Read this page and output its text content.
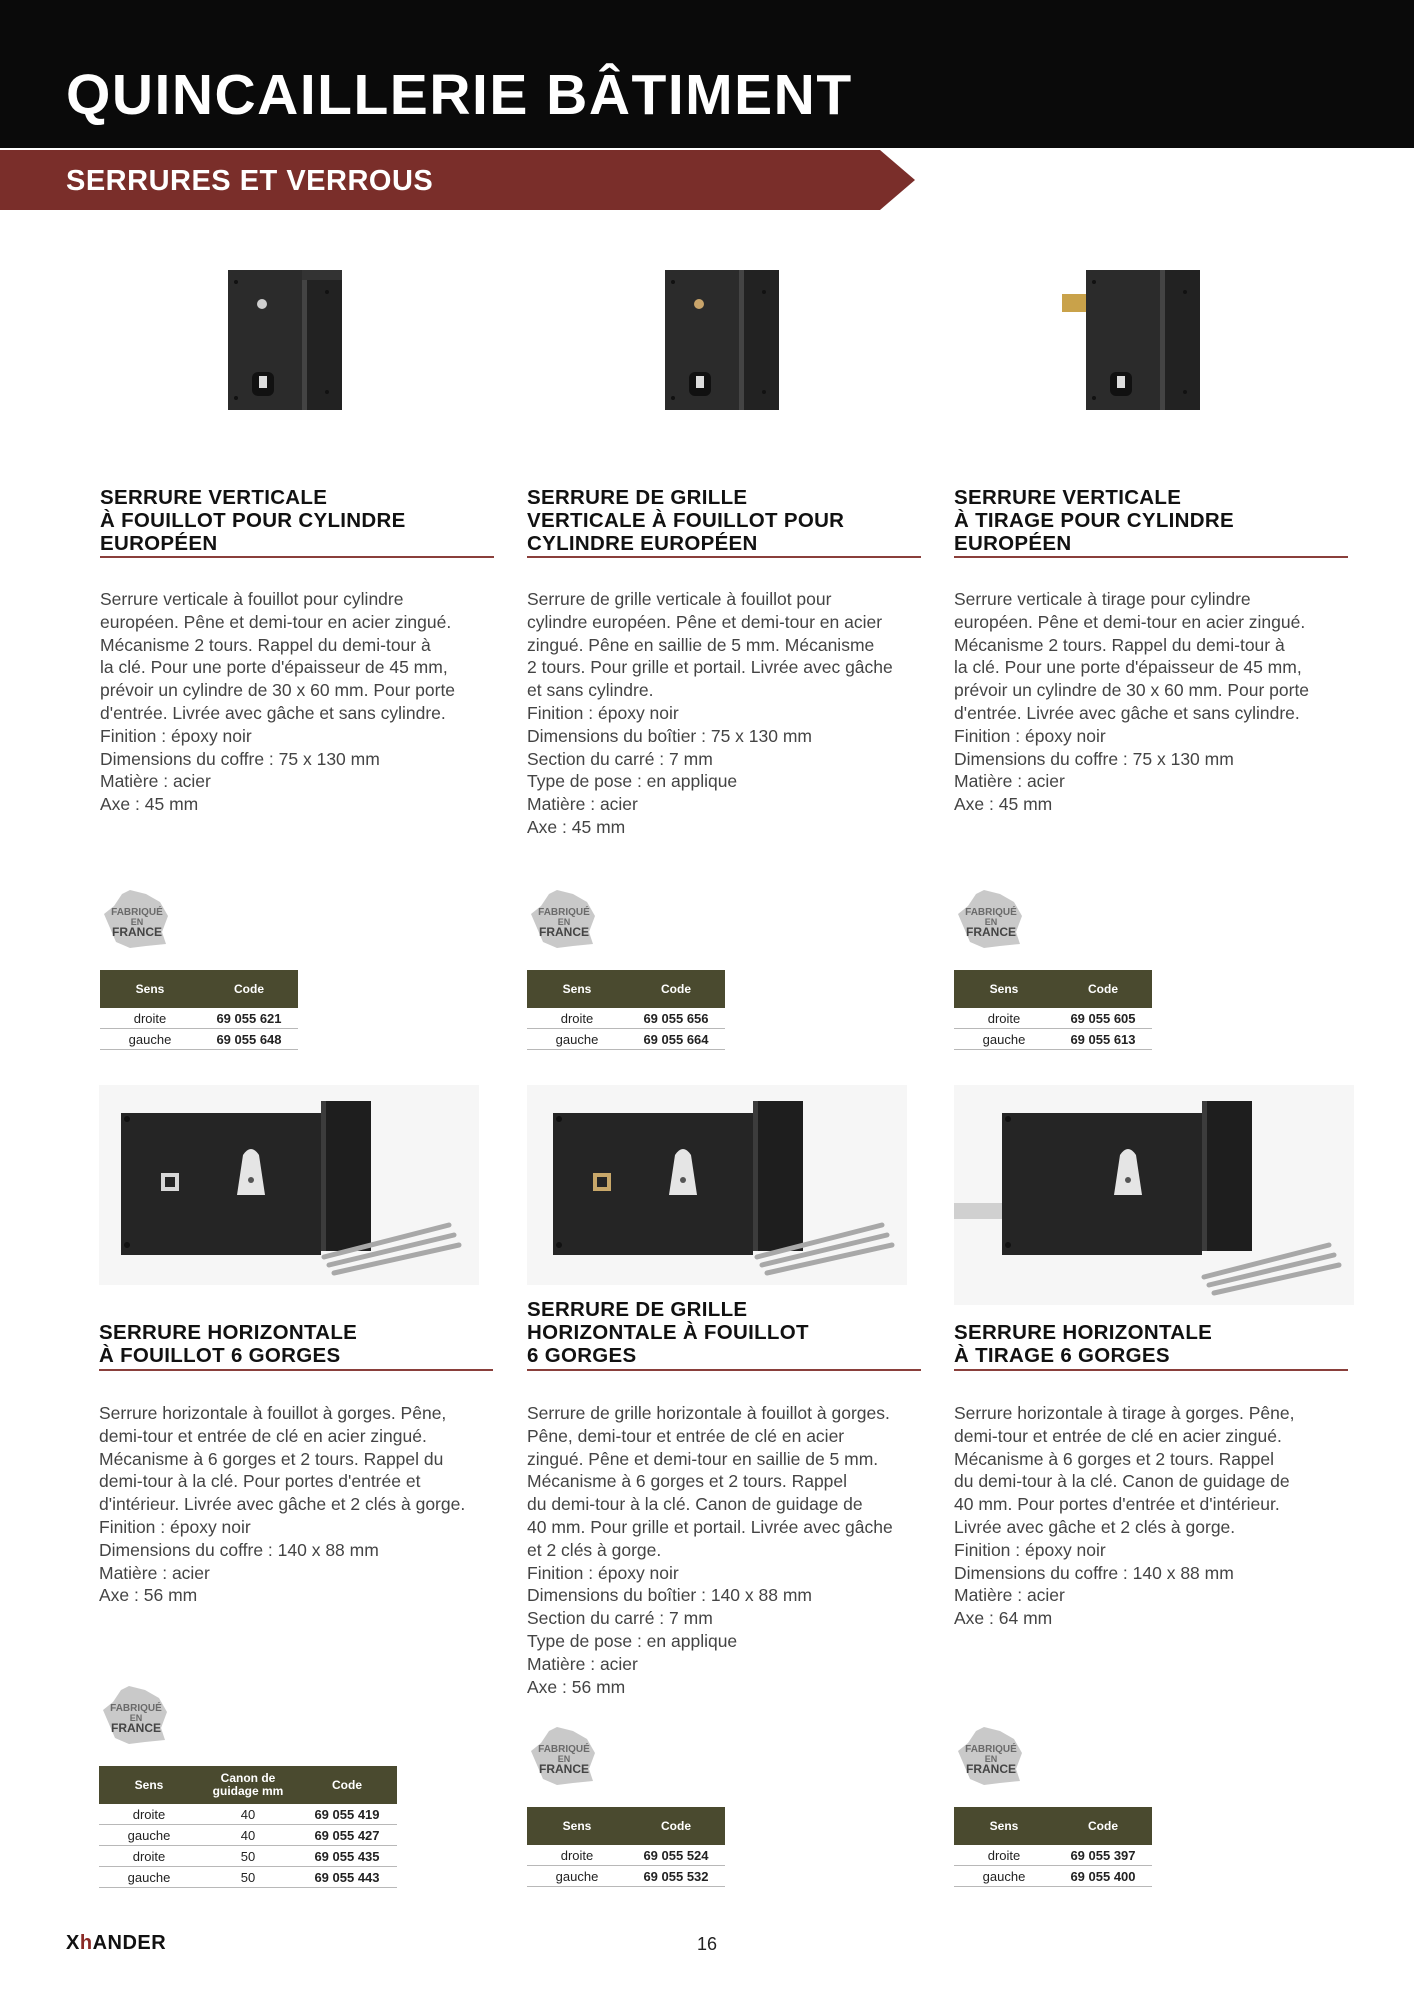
QUINCAILLERIE BÂTIMENT
SERRURES ET VERROUS
SERRURE VERTICALE
À FOUILLOT POUR CYLINDRE
EUROPÉEN
Serrure verticale à fouillot pour cylindre
européen. Pêne et demi-tour en acier zingué.
Mécanisme 2 tours. Rappel du demi-tour à
la clé. Pour une porte d'épaisseur de 45 mm,
prévoir un cylindre de 30 x 60 mm. Pour porte
d'entrée. Livrée avec gâche et sans cylindre.
Finition : époxy noir
Dimensions du coffre : 75 x 130 mm
Matière : acier
Axe : 45 mm
FABRIQUÉ
EN
FRANCE
Sens	Code
droite	69 055 621
gauche	69 055 648
SERRURE DE GRILLE
VERTICALE À FOUILLOT POUR
CYLINDRE EUROPÉEN
Serrure de grille verticale à fouillot pour
cylindre européen. Pêne et demi-tour en acier
zingué. Pêne en saillie de 5 mm. Mécanisme
2 tours. Pour grille et portail. Livrée avec gâche
et sans cylindre.
Finition : époxy noir
Dimensions du boîtier : 75 x 130 mm
Section du carré : 7 mm
Type de pose : en applique
Matière : acier
Axe : 45 mm
FABRIQUÉ
EN
FRANCE
Sens	Code
droite	69 055 656
gauche	69 055 664
SERRURE VERTICALE
À TIRAGE POUR CYLINDRE
EUROPÉEN
Serrure verticale à tirage pour cylindre
européen. Pêne et demi-tour en acier zingué.
Mécanisme 2 tours. Rappel du demi-tour à
la clé. Pour une porte d'épaisseur de 45 mm,
prévoir un cylindre de 30 x 60 mm. Pour porte
d'entrée. Livrée avec gâche et sans cylindre.
Finition : époxy noir
Dimensions du coffre : 75 x 130 mm
Matière : acier
Axe : 45 mm
FABRIQUÉ
EN
FRANCE
Sens	Code
droite	69 055 605
gauche	69 055 613
SERRURE HORIZONTALE
À FOUILLOT 6 GORGES
Serrure horizontale à fouillot à gorges. Pêne,
demi-tour et entrée de clé en acier zingué.
Mécanisme à 6 gorges et 2 tours. Rappel du
demi-tour à la clé. Pour portes d'entrée et
d'intérieur. Livrée avec gâche et 2 clés à gorge.
Finition : époxy noir
Dimensions du coffre : 140 x 88 mm
Matière : acier
Axe : 56 mm
FABRIQUÉ
EN
FRANCE
Sens	Canon de guidage mm	Code
droite	40	69 055 419
gauche	40	69 055 427
droite	50	69 055 435
gauche	50	69 055 443
SERRURE DE GRILLE
HORIZONTALE À FOUILLOT
6 GORGES
Serrure de grille horizontale à fouillot à gorges.
Pêne, demi-tour et entrée de clé en acier
zingué. Pêne et demi-tour en saillie de 5 mm.
Mécanisme à 6 gorges et 2 tours. Rappel
du demi-tour à la clé. Canon de guidage de
40 mm. Pour grille et portail. Livrée avec gâche
et 2 clés à gorge.
Finition : époxy noir
Dimensions du boîtier : 140 x 88 mm
Section du carré : 7 mm
Type de pose : en applique
Matière : acier
Axe : 56 mm
FABRIQUÉ
EN
FRANCE
Sens	Code
droite	69 055 524
gauche	69 055 532
SERRURE HORIZONTALE
À TIRAGE 6 GORGES
Serrure horizontale à tirage à gorges. Pêne,
demi-tour et entrée de clé en acier zingué.
Mécanisme à 6 gorges et 2 tours. Rappel
du demi-tour à la clé. Canon de guidage de
40 mm. Pour portes d'entrée et d'intérieur.
Livrée avec gâche et 2 clés à gorge.
Finition : époxy noir
Dimensions du coffre : 140 x 88 mm
Matière : acier
Axe : 64 mm
FABRIQUÉ
EN
FRANCE
Sens	Code
droite	69 055 397
gauche	69 055 400
XhANDER	16
